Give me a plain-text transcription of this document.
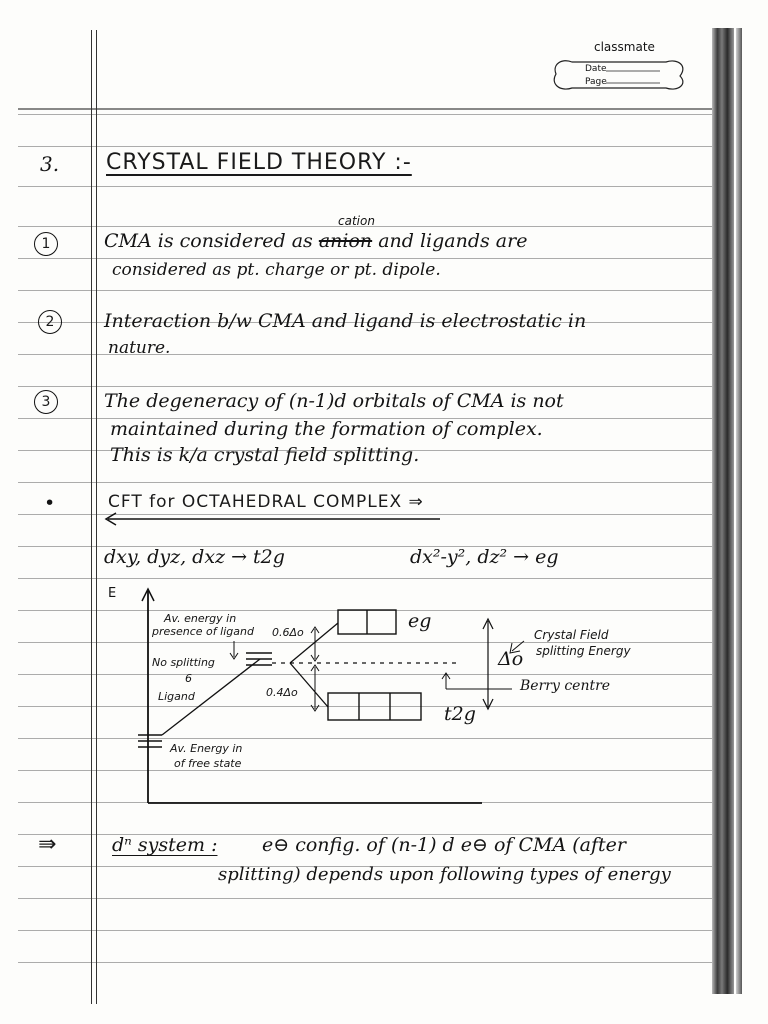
classmate
Date
Page
3. CRYSTAL FIELD THEORY :-
1
cation
CMA is considered as anion and ligands are
considered as pt. charge or pt. dipole.
2	Interaction b/w CMA and ligand is electrostatic in
nature.
3	The degeneracy of (n-1)d orbitals of CMA is not
maintained during the formation of complex.
This is k/a crystal field splitting.
•	CFT for OCTAHEDRAL COMPLEX ⇒
dxy, dyz, dxz → t2g	dx²-y², dz² → eg
E
Av. energy in
presence of ligand
No splitting
6
Ligand
0.6Δo
0.4Δo
eg
t2g
Δo
Crystal Field
splitting Energy
Berry centre
Av. Energy in
of free state
⇛	dⁿ system : e⊖ config. of (n-1) d e⊖ of CMA (after
splitting) depends upon following types of energy
